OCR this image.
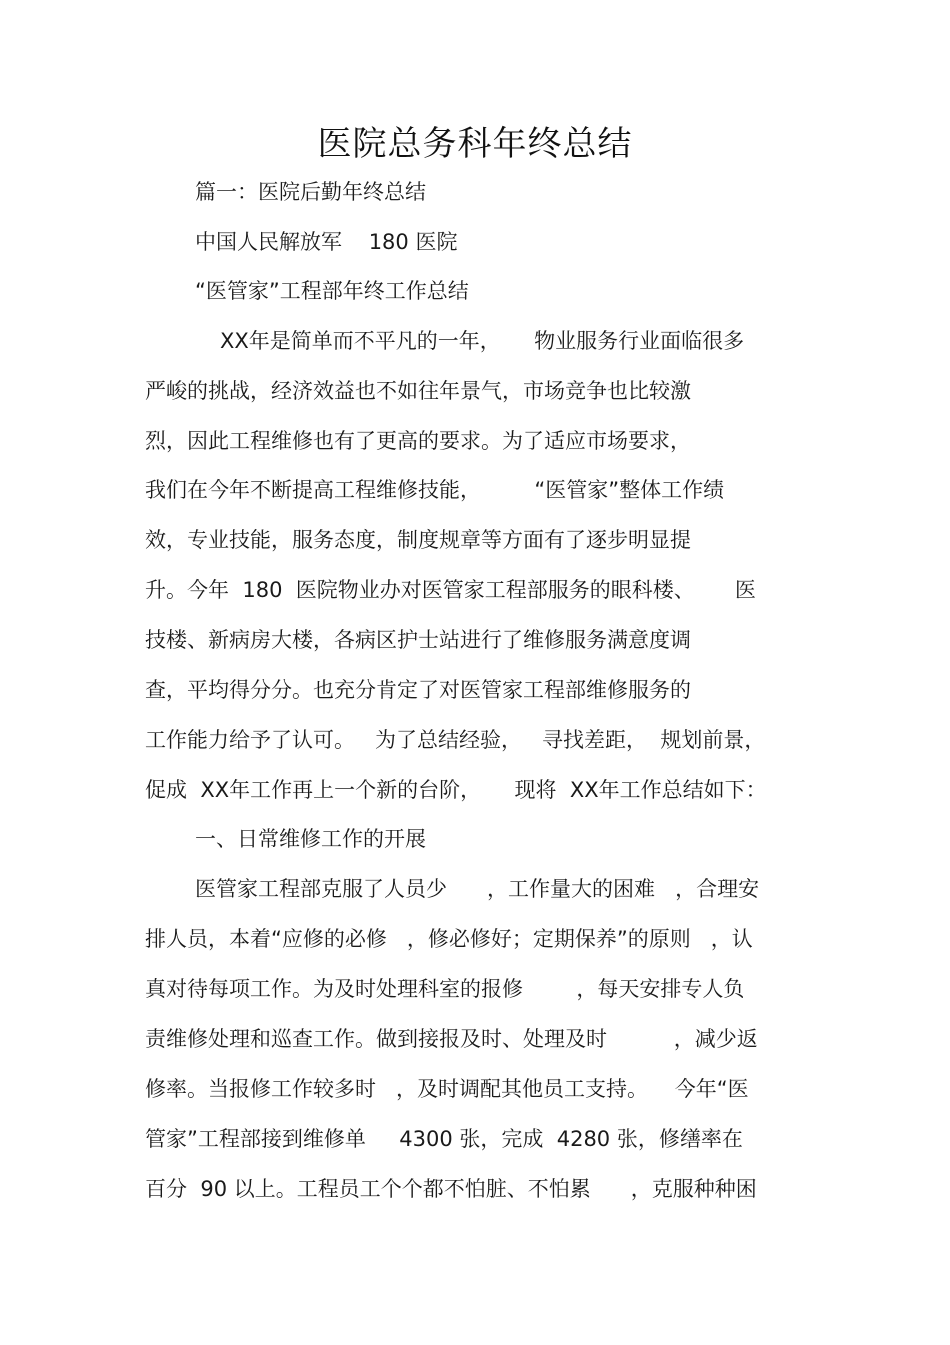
医院总务科年终总结
篇一：医院后勤年终总结
中国人民解放军    180 医院
“医管家”工程部年终工作总结
XX年是简单而不平凡的一年，     物业服务行业面临很多
严峻的挑战，经济效益也不如往年景气，市场竞争也比较激
烈，因此工程维修也有了更高的要求。为了适应市场要求，
我们在今年不断提高工程维修技能，        “医管家”整体工作绩
效，专业技能，服务态度，制度规章等方面有了逐步明显提
升。今年  180  医院物业办对医管家工程部服务的眼科楼、      医
技楼、新病房大楼，各病区护士站进行了维修服务满意度调
查，平均得分分。也充分肯定了对医管家工程部维修服务的
工作能力给予了认可。   为了总结经验，   寻找差距，  规划前景，
促成  XX年工作再上一个新的台阶，     现将  XX年工作总结如下：
一、日常维修工作的开展
医管家工程部克服了人员少      ，工作量大的困难   ，合理安
排人员，本着“应修的必修   ，修必修好；定期保养”的原则   ，认
真对待每项工作。为及时处理科室的报修        ，每天安排专人负
责维修处理和巡查工作。做到接报及时、处理及时          ，减少返
修率。当报修工作较多时   ，及时调配其他员工支持。    今年“医
管家”工程部接到维修单     4300 张，完成  4280 张，修缮率在
百分  90 以上。工程员工个个都不怕脏、不怕累      ，克服种种困
